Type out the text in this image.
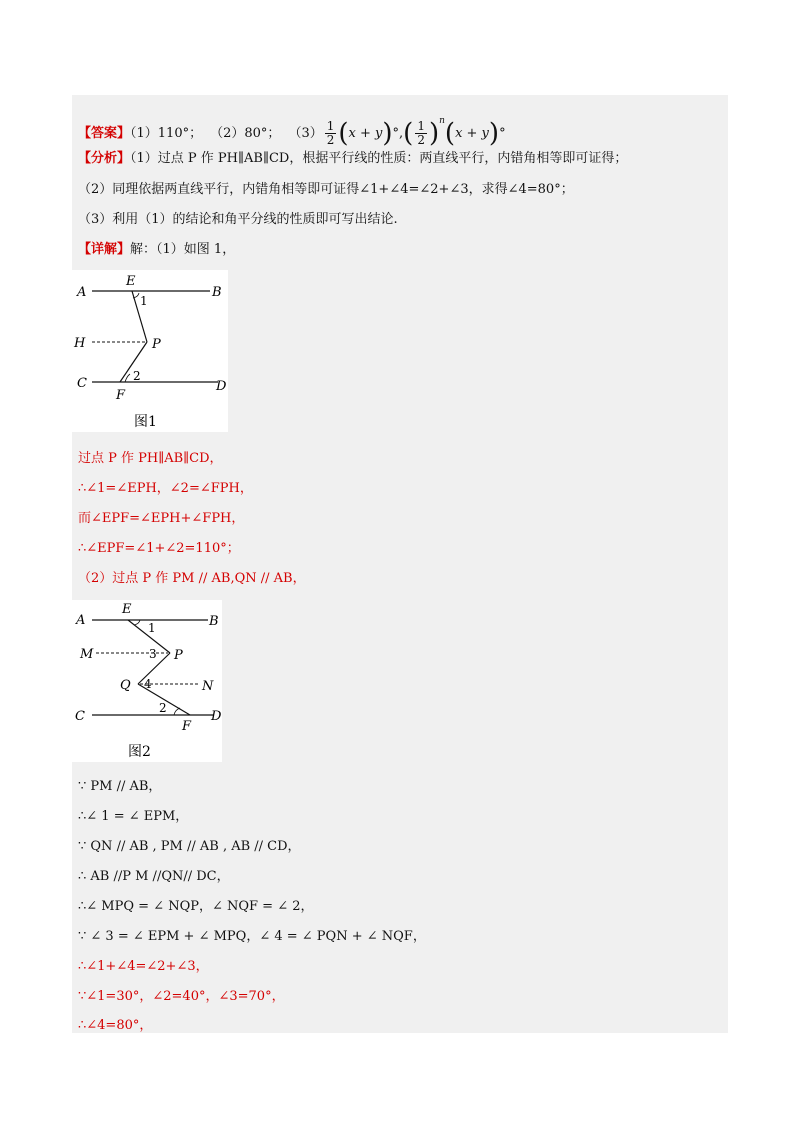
【答案】（1）110°； （2）80°； $(3) \frac{1}{2} (x + y)^\circ,( \frac{1}{2} )^n(x + y)^\circ$
【分析】（1）过点 P 作 PH∥AB∥CD，根据平行线的性质：两直线平行，内错角相等即可证得；
（2）同理依据两直线平行，内错角相等即可证得∠1+∠4=∠2+∠3，求得∠4=80°；
（3）利用（1）的结论和角平分线的性质即可写出结论.
【详解】解：（1）如图 1，
A	B
E
1
H	P
C	2
D
F
图1
过点 P 作 PH∥AB∥CD，
∴∠1=∠EPH，∠2=∠FPH，
而∠EPF=∠EPH+∠FPH，
∴∠EPF=∠1+∠2=110°；
（2）过点 P 作 PM // AB,QN // AB，
A	B
E
1
M	3 P
Q 4	N
C
2
D
F
图2
∵ PM // AB，
∴∠ 1 = ∠ EPM，
∵ QN // AB , PM // AB , AB // CD，
∴ AB //P M //QN// DC，
∴∠ MPQ = ∠ NQP，∠ NQF = ∠ 2，
∵ ∠ 3 = ∠ EPM + ∠ MPQ，∠ 4 = ∠ PQN + ∠ NQF，
∴∠1+∠4=∠2+∠3，
∵∠1=30°，∠2=40°，∠3=70°，
∴∠4=80°，
